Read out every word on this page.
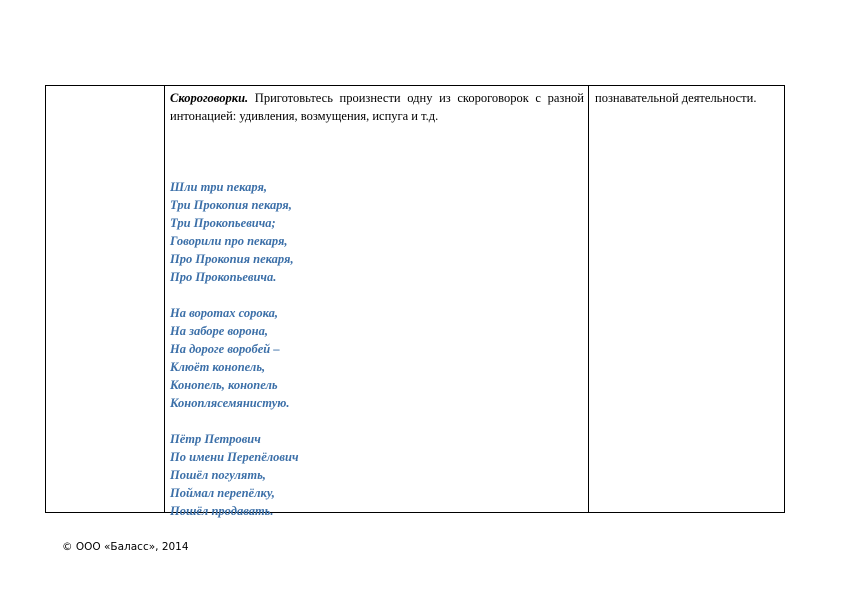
Скороговорки. Приготовьтесь произнести одну из скороговорок с разной интонацией: удивления, возмущения, испуга и т.д.

Шли три пекаря,
Три Прокопия пекаря,
Три Прокопьевича;
Говорили про пекаря,
Про Прокопия пекаря,
Про Прокопьевича.
На воротах сорока,
На заборе ворона,
На дороге воробей –
Клюёт конопель,
Конопель, конопель
Коноплясемянистую.
Пётр Петрович
По имени Перепёлович
Пошёл погулять,
Поймал перепёлку,
Пошёл продавать.

познавательной деятельности.

© ООО «Баласс», 2014
